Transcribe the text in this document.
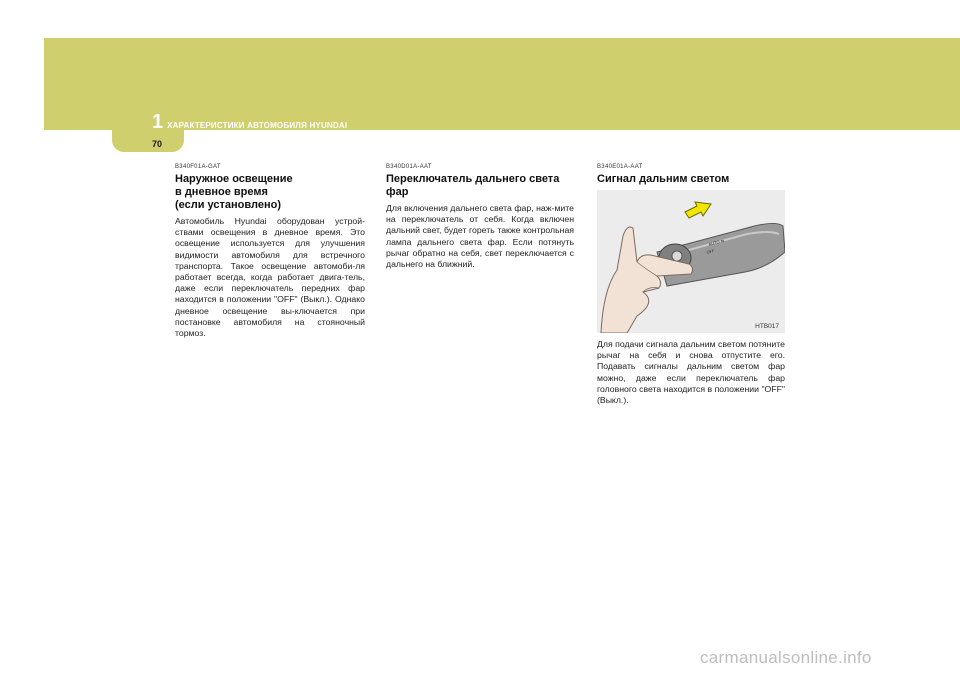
1 ХАРАКТЕРИСТИКИ АВТОМОБИЛЯ HYUNDAI
70
B340F01A-GAT
Наружное освещение
в дневное время
(если установлено)
Автомобиль Hyundai оборудован устрой-ствами освещения в дневное время. Это освещение используется для улучшения видимости автомобиля для встречного транспорта. Такое освещение автомоби-ля работает всегда, когда работает двига-тель, даже если переключатель передних фар находится в положении "OFF" (Выкл.). Однако дневное освещение вы-ключается при постановке автомобиля на стояночный тормоз.
B340D01A-AAT
Переключатель дальнего света фар
Для включения дальнего света фар, наж-мите на переключатель от себя. Когда включен дальний свет, будет гореть также контрольная лампа дальнего света фар. Если потянуть рычаг обратно на себя, свет переключается с дальнего на ближний.
B340E01A-AAT
Сигнал дальним светом
AUTO ⇆
OFF
HTB017
Для подачи сигнала дальним светом потяните рычаг на себя и снова отпустите его. Подавать сигналы дальним светом фар можно, даже если переключатель фар головного света находится в положении "OFF" (Выкл.).
carmanualsonline.info
